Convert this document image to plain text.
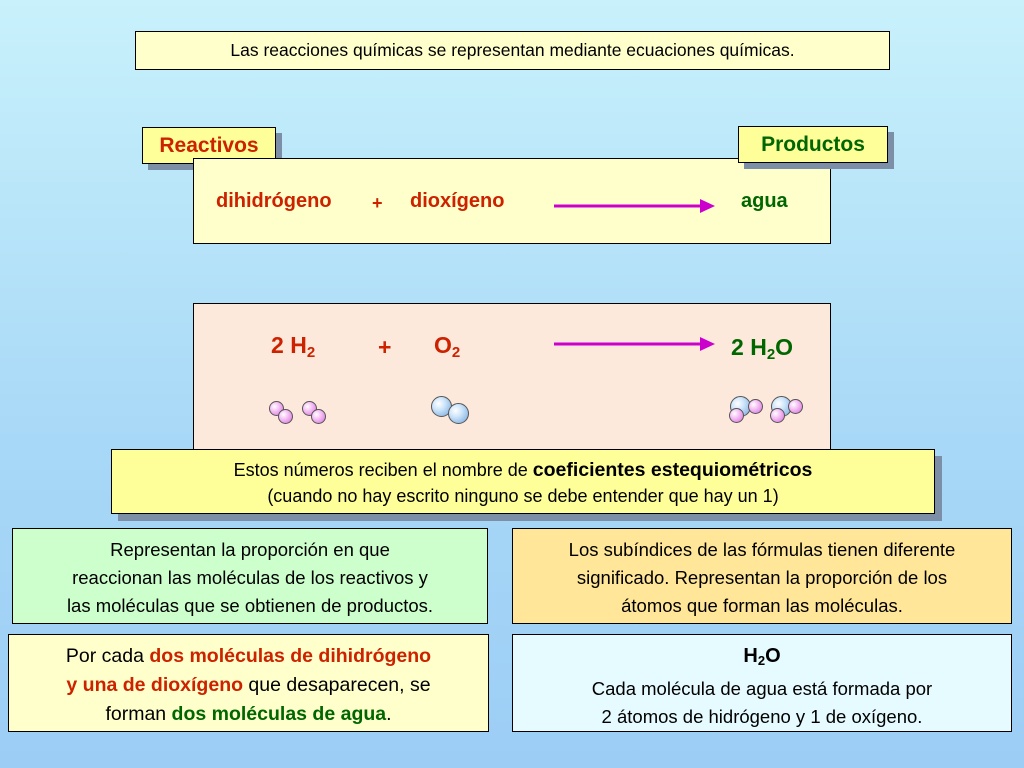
Las reacciones químicas se representan mediante ecuaciones químicas.
Reactivos
dihidrógeno + dioxígeno	agua
Productos
2 $H_2$	+ $O_2$	2 $H_2O$
Estos números reciben el nombre de coeficientes estequiométricos
(cuando no hay escrito ninguno se debe entender que hay un 1)
Representan la proporción en que
reaccionan las moléculas de los reactivos y
las moléculas que se obtienen de productos.
Los subíndices de las fórmulas tienen diferente
significado. Representan la proporción de los
átomos que forman las moléculas.
Por cada dos moléculas de dihidrógeno
y una de dioxígeno que desaparecen, se
forman dos moléculas de agua.
$H_2O$
Cada molécula de agua está formada por
2 átomos de hidrógeno y 1 de oxígeno.
